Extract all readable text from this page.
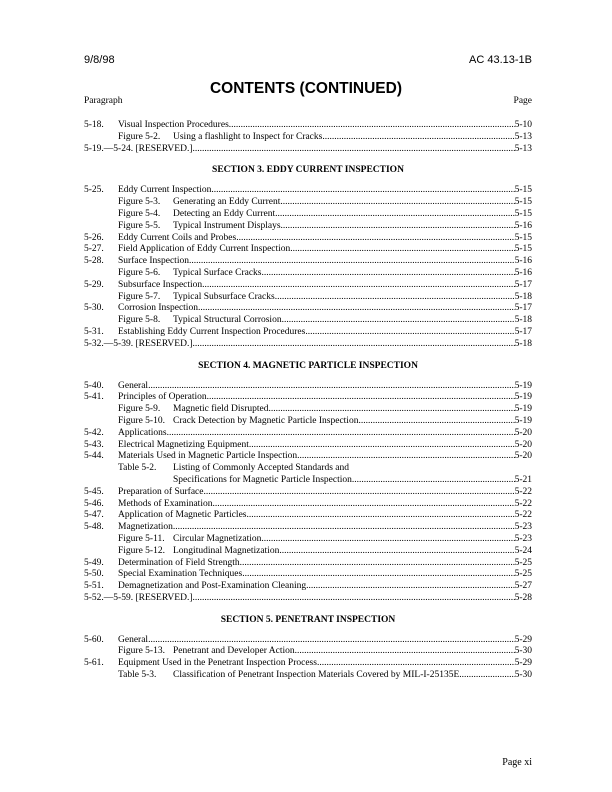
9/8/98	AC 43.13-1B
CONTENTS (CONTINUED)
Paragraph	Page
5-18. Visual Inspection Procedures .....	5-10
Figure 5-2.	Using a flashlight to Inspect for Cracks .....	5-13
5-19.—5-24. [RESERVED.] .....	5-13
SECTION 3. EDDY CURRENT INSPECTION
5-25. Eddy Current Inspection .....	5-15
Figure 5-3.	Generating an Eddy Current .....	5-15
Figure 5-4.	Detecting an Eddy Current .....	5-15
Figure 5-5.	Typical Instrument Displays .....	5-16
5-26. Eddy Current Coils and Probes .....	5-15
5-27. Field Application of Eddy Current Inspection .....	5-15
5-28. Surface Inspection .....	5-16
Figure 5-6.	Typical Surface Cracks .....	5-16
5-29. Subsurface Inspection .....	5-17
Figure 5-7.	Typical Subsurface Cracks .....	5-18
5-30. Corrosion Inspection .....	5-17
Figure 5-8.	Typical Structural Corrosion .....	5-18
5-31. Establishing Eddy Current Inspection Procedures .....	5-17
5-32.—5-39. [RESERVED.] .....	5-18
SECTION 4. MAGNETIC PARTICLE INSPECTION
5-40. General .....	5-19
5-41. Principles of Operation .....	5-19
Figure 5-9.	Magnetic field Disrupted .....	5-19
Figure 5-10. Crack Detection by Magnetic Particle Inspection .....	5-19
5-42. Applications .....	5-20
5-43. Electrical Magnetizing Equipment .....	5-20
5-44. Materials Used in Magnetic Particle Inspection .....	5-20
Table 5-2.	Listing of Commonly Accepted Standards and
Specifications for Magnetic Particle Inspection .....	5-21
5-45. Preparation of Surface .....	5-22
5-46. Methods of Examination .....	5-22
5-47. Application of Magnetic Particles .....	5-22
5-48. Magnetization .....	5-23
Figure 5-11. Circular Magnetization .....	5-23
Figure 5-12. Longitudinal Magnetization .....	5-24
5-49. Determination of Field Strength .....	5-25
5-50. Special Examination Techniques .....	5-25
5-51. Demagnetization and Post-Examination Cleaning .....	5-27
5-52.—5-59. [RESERVED.] .....	5-28
SECTION 5. PENETRANT INSPECTION
5-60. General .....	5-29
Figure 5-13. Penetrant and Developer Action .....	5-30
5-61. Equipment Used in the Penetrant Inspection Process .....	5-29
Table 5-3.	Classification of Penetrant Inspection Materials Covered by MIL-I-25135E .....	5-30
Page xi
